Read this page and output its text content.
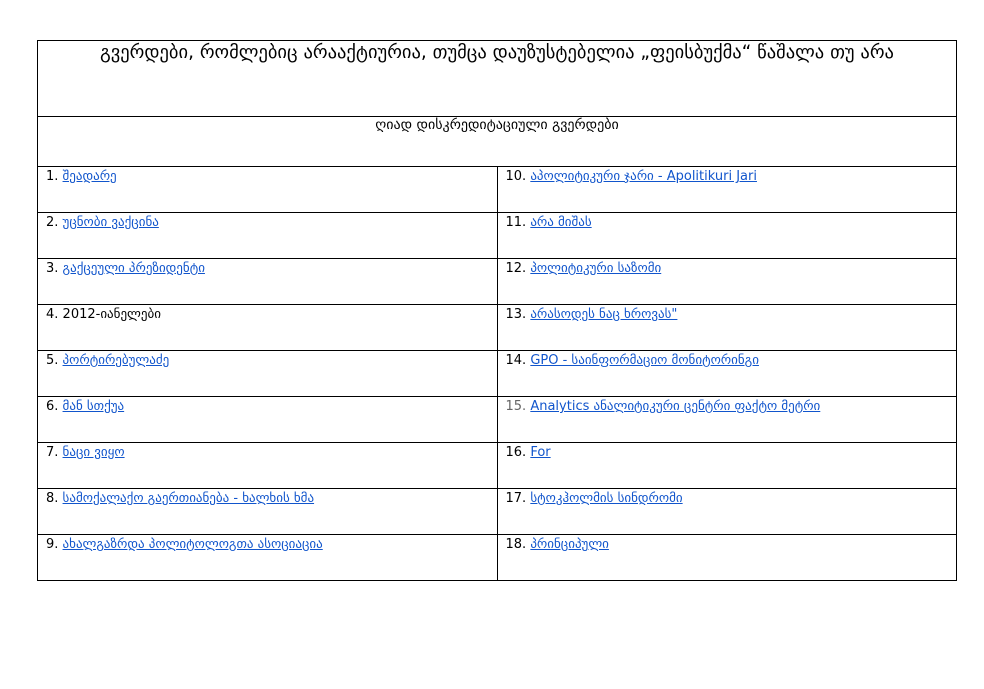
გვერდები, რომლებიც არააქტიურია, თუმცა დაუზუსტებელია „ფეისბუქმა“ წაშალა თუ არა	
ღიად დისკრედიტაციული გვერდები	
1. შეადარე	10. აპოლიტიკური ჯარი - Apolitikuri Jari
2. უცნობი ვაქცინა	11. არა მიშას
3. გაქცეული პრეზიდენტი	12. პოლიტიკური საზომი
4. 2012-იანელები	13. არასოდეს ნაც ხროვას"
5. პორტირებულაძე	14. GPO - საინფორმაციო მონიტორინგი
6. მან სთქუა	15. Analytics ანალიტიკური ცენტრი ფაქტო მეტრი
7. ნაცი ვიყო	16. For
8. სამოქალაქო გაერთიანება - ხალხის ხმა	17. სტოკჰოლმის სინდრომი
9. ახალგაზრდა პოლიტოლოგთა ასოციაცია	18. პრინციპული
